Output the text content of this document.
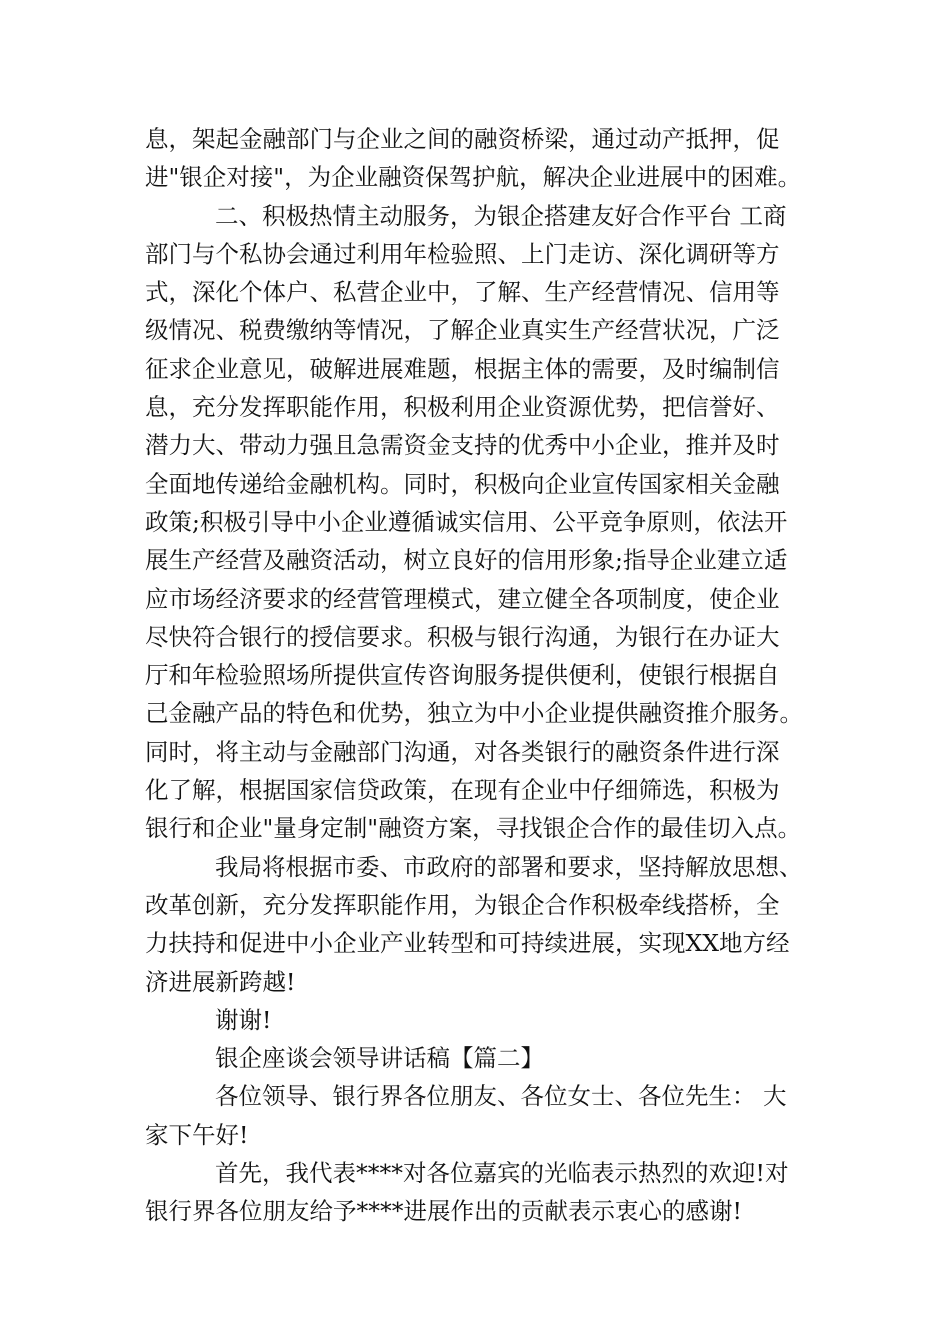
息，架起金融部门与企业之间的融资桥梁，通过动产抵押，促
进"银企对接"，为企业融资保驾护航，解决企业进展中的困难。
二、积极热情主动服务，为银企搭建友好合作平台 工商
部门与个私协会通过利用年检验照、上门走访、深化调研等方
式，深化个体户、私营企业中，了解、生产经营情况、信用等
级情况、税费缴纳等情况，了解企业真实生产经营状况，广泛
征求企业意见，破解进展难题，根据主体的需要，及时编制信
息，充分发挥职能作用，积极利用企业资源优势，把信誉好、
潜力大、带动力强且急需资金支持的优秀中小企业，推并及时
全面地传递给金融机构。同时，积极向企业宣传国家相关金融
政策;积极引导中小企业遵循诚实信用、公平竞争原则，依法开
展生产经营及融资活动，树立良好的信用形象;指导企业建立适
应市场经济要求的经营管理模式，建立健全各项制度，使企业
尽快符合银行的授信要求。积极与银行沟通，为银行在办证大
厅和年检验照场所提供宣传咨询服务提供便利，使银行根据自
己金融产品的特色和优势，独立为中小企业提供融资推介服务。
同时，将主动与金融部门沟通，对各类银行的融资条件进行深
化了解，根据国家信贷政策，在现有企业中仔细筛选，积极为
银行和企业"量身定制"融资方案，寻找银企合作的最佳切入点。
我局将根据市委、市政府的部署和要求，坚持解放思想、
改革创新，充分发挥职能作用，为银企合作积极牵线搭桥，全
力扶持和促进中小企业产业转型和可持续进展，实现XX地方经
济进展新跨越!
谢谢!
银企座谈会领导讲话稿【篇二】
各位领导、银行界各位朋友、各位女士、各位先生： 大
家下午好!
首先，我代表****对各位嘉宾的光临表示热烈的欢迎!对
银行界各位朋友给予****进展作出的贡献表示衷心的感谢!
